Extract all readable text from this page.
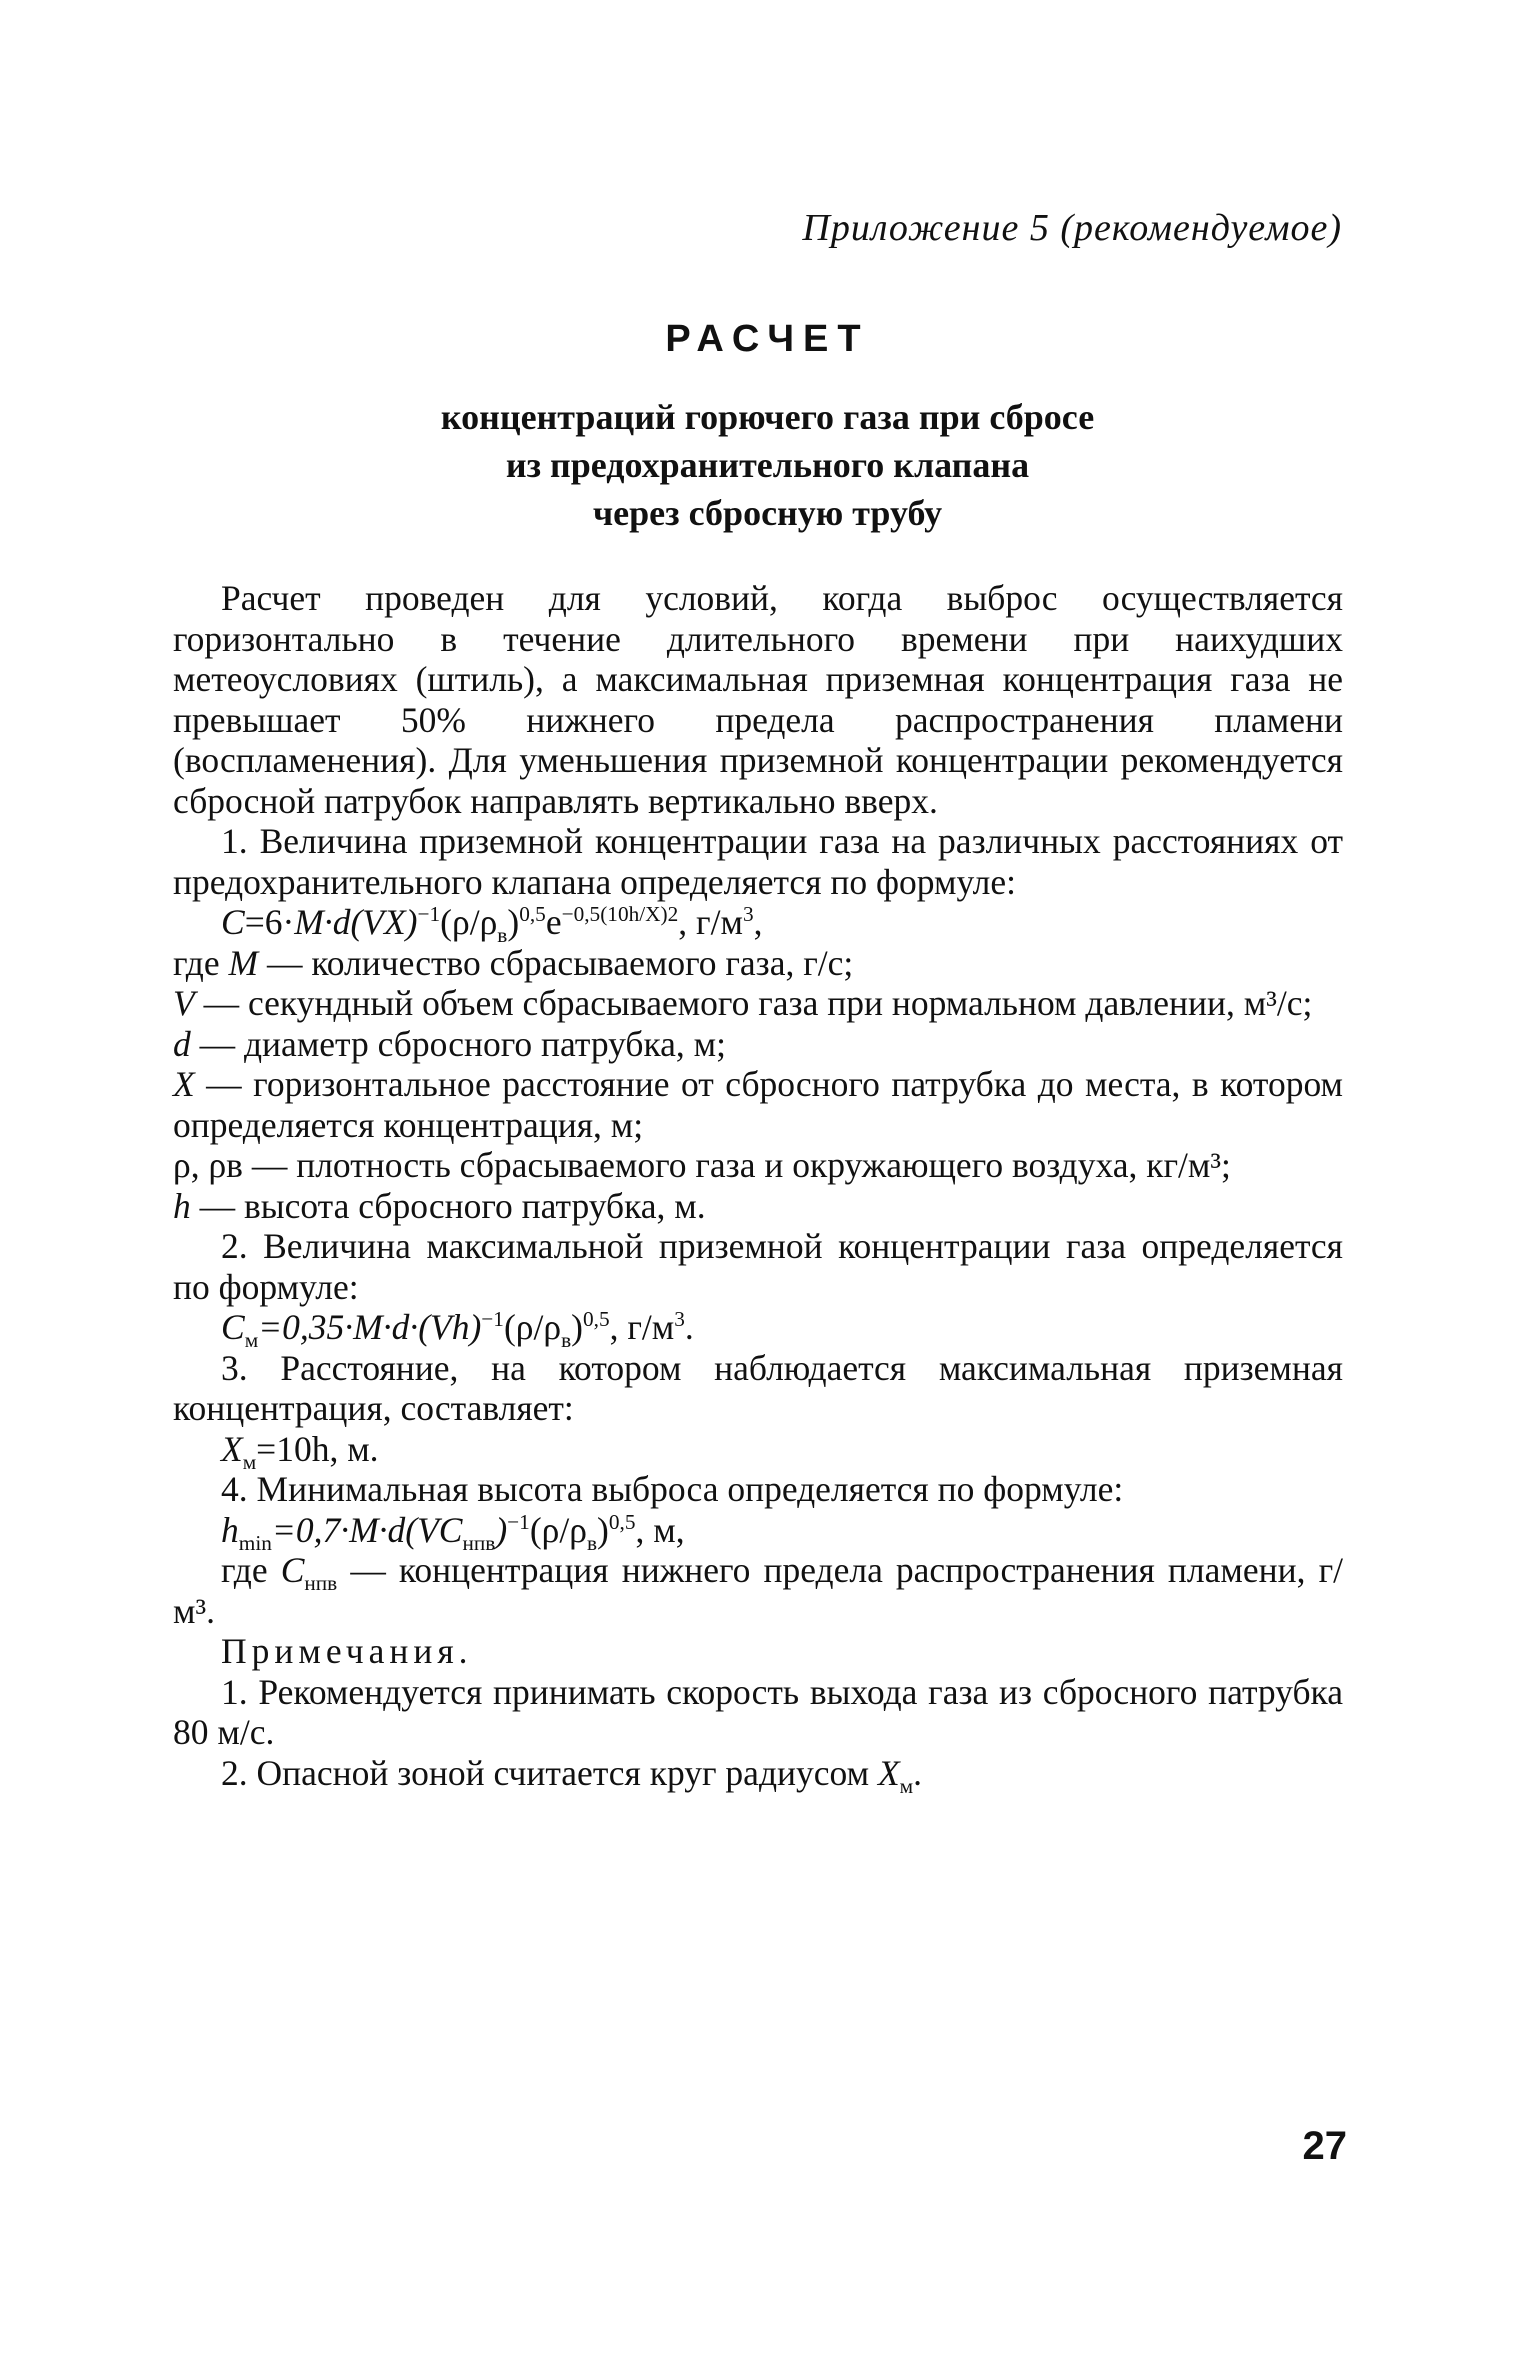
Приложение 5 (рекомендуемое)
РАСЧЕТ
концентраций горючего газа при сбросе
из предохранительного клапана
через сбросную трубу

Расчет проведен для условий, когда выброс осуществляется горизонтально в течение длительного времени при наихудших метеоусловиях (штиль), а максимальная приземная концентрация газа не превышает 50% нижнего предела распространения пламени (воспламенения). Для уменьшения приземной концентрации рекомендуется сбросной патрубок направлять вертикально вверх.

1. Величина приземной концентрации газа на различных расстояниях от предохранительного клапана определяется по формуле:

$C=6\cdot M\cdot d(VX)^{-1}(\rho/\rho_в)^{0,5}e^{-0,5(10h/X)2}$, $г/м^3$,

где M — количество сбрасываемого газа, г/с;

V — секундный объем сбрасываемого газа при нормальном давлении, м³/с;

d — диаметр сбросного патрубка, м;

X — горизонтальное расстояние от сбросного патрубка до места, в котором определяется концентрация, м;

ρ, ρв — плотность сбрасываемого газа и окружающего воздуха, кг/м³;

h — высота сбросного патрубка, м.

2. Величина максимальной приземной концентрации газа определяется по формуле:

$C_м=0,35\cdot M\cdot d\cdot(Vh)^{-1}(\rho/\rho_в)^{0,5}$, $г/м^3$.

3. Расстояние, на котором наблюдается максимальная приземная концентрация, составляет:

$X_м=10h$, м.

4. Минимальная высота выброса определяется по формуле:

$h_{min}=0,7\cdot M\cdot d(VC_{нпв})^{-1}(\rho/\rho_в)^{0,5}$, м,

где $C_{нпв}$ — концентрация нижнего предела распространения пламени, г/м³.

Примечания.

1. Рекомендуется принимать скорость выхода газа из сбросного патрубка 80 м/с.

2. Опасной зоной считается круг радиусом $X_м$.

27
